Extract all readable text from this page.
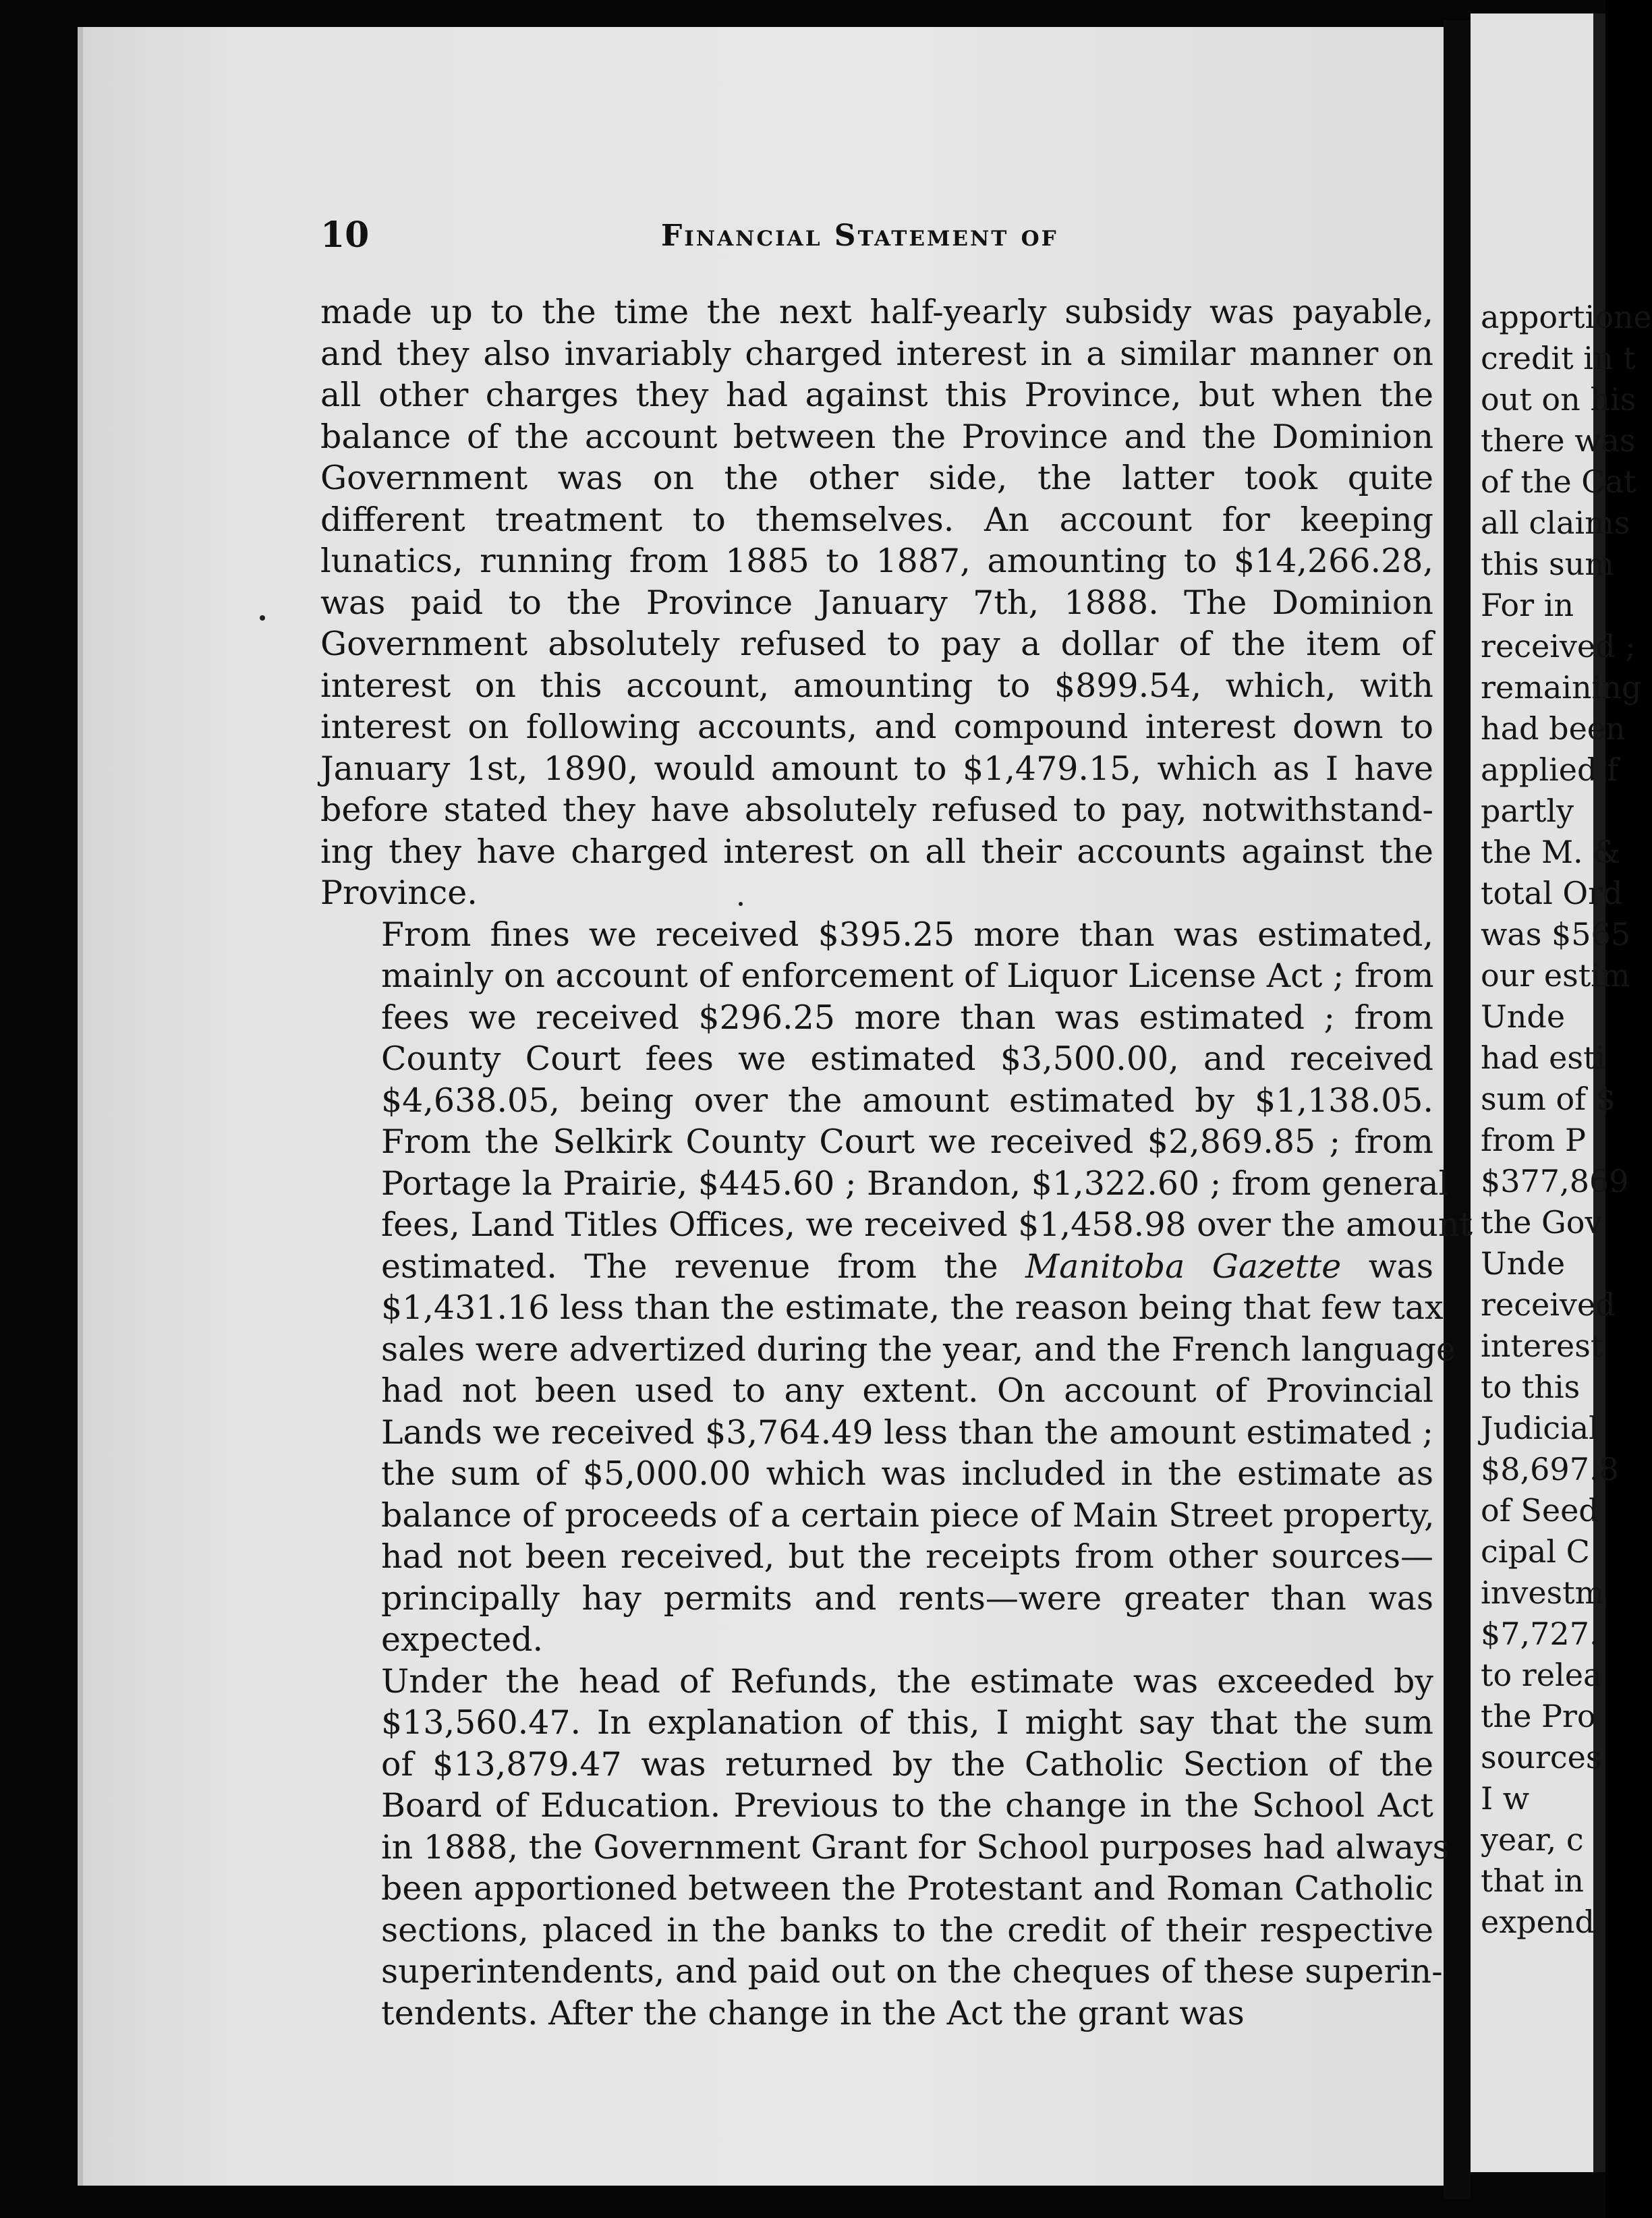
10	Financial Statement of

made up to the time the next half-yearly subsidy was payable,
and they also invariably charged interest in a similar manner on
all other charges they had against this Province, but when the
balance of the account between the Province and the Dominion
Government was on the other side, the latter took quite
different treatment to themselves. An account for keeping
lunatics, running from 1885 to 1887, amounting to $14,266.28,
was paid to the Province January 7th, 1888. The Dominion
Government absolutely refused to pay a dollar of the item of
interest on this account, amounting to $899.54, which, with
interest on following accounts, and compound interest down to
January 1st, 1890, would amount to $1,479.15, which as I have
before stated they have absolutely refused to pay, notwithstand-
ing they have charged interest on all their accounts against the
Province.

From fines we received $395.25 more than was estimated,
mainly on account of enforcement of Liquor License Act ; from
fees we received $296.25 more than was estimated ; from
County Court fees we estimated $3,500.00, and received
$4,638.05, being over the amount estimated by $1,138.05.
From the Selkirk County Court we received $2,869.85 ; from
Portage la Prairie, $445.60 ; Brandon, $1,322.60 ; from general
fees, Land Titles Offices, we received $1,458.98 over the amount
estimated. The revenue from the Manitoba Gazette was
$1,431.16 less than the estimate, the reason being that few tax
sales were advertized during the year, and the French language
had not been used to any extent. On account of Provincial
Lands we received $3,764.49 less than the amount estimated ;
the sum of $5,000.00 which was included in the estimate as
balance of proceeds of a certain piece of Main Street property,
had not been received, but the receipts from other sources—
principally hay permits and rents—were greater than was
expected.

Under the head of Refunds, the estimate was exceeded by
$13,560.47. In explanation of this, I might say that the sum
of $13,879.47 was returned by the Catholic Section of the
Board of Education. Previous to the change in the School Act
in 1888, the Government Grant for School purposes had always
been apportioned between the Protestant and Roman Catholic
sections, placed in the banks to the credit of their respective
superintendents, and paid out on the cheques of these superin-
tendents. After the change in the Act the grant was

apportione
credit in t
out on his
there was
of the Cat
all claims
this sum
For in
received ;
remaining
had been
applied f
partly
the M. &
total Ord
was $565
our estim
Unde
had esti
sum of $
from P
$377,869
the Gov
Unde
received
interest
to this
Judicial
$8,697.8
of Seed
cipal C
investm
$7,727.
to relea
the Pro
sources
I w
year, c
that in
expend
